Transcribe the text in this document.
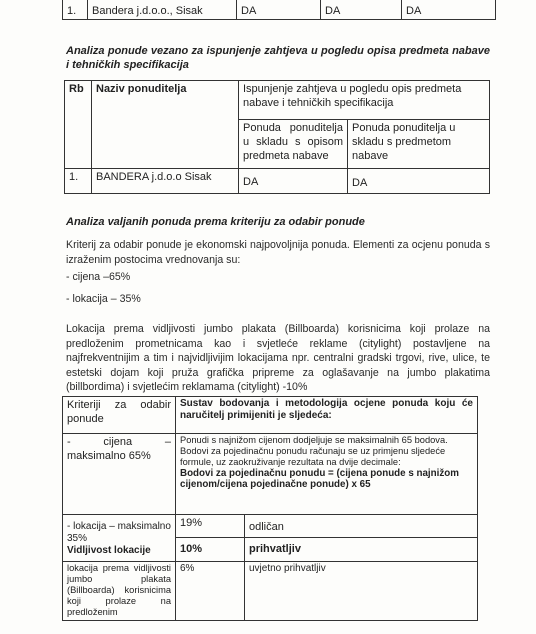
1.	Bandera j.d.o.o., Sisak	DA	DA	DA
Analiza ponude vezano za ispunjenje zahtjeva u pogledu opisa predmeta nabave i tehničkih specifikacija
Rb	Naziv ponuditelja	Ispunjenje zahtjeva u pogledu opis predmeta nabave i tehničkih specifikacija	
		Ponuda ponuditelja u skladu s opisom predmeta nabave	Ponuda ponuditelja u skladu s predmetom nabave
1.	BANDERA j.d.o.o Sisak	DA	DA
Analiza valjanih ponuda prema kriteriju za odabir ponude
Kriterij za odabir ponude je ekonomski najpovoljnija ponuda. Elementi za ocjenu ponuda s izraženim postocima vrednovanja su:
- cijena –65%
- lokacija – 35%
Lokacija prema vidljivosti jumbo plakata (Billboarda) korisnicima koji prolaze na predloženim prometnicama kao i svjetleće reklame (citylight) postavljene na najfrekventnijim a tim i najvidljivijim lokacijama npr. centralni gradski trgovi, rive, ulice, te estetski dojam koji pruža grafička pripreme za oglašavanje na jumbo plakatima (billbordima) i svjetlećim reklamama (citylight) -10%
Kriteriji za odabir ponude	Sustav bodovanja i metodologija ocjene ponuda koju će naručitelj primijeniti je sljedeća:	
- cijena – maksimalno 65%	Ponudi s najnižom cijenom dodjeljuje se maksimalnih 65 bodova. Bodovi za pojedinačnu ponudu računaju se uz primjenu sljedeće formule, uz zaokruživanje rezultata na dvije decimale:
Bodovi za pojedinačnu ponudu = (cijena ponude s najnižom cijenom/cijena pojedinačne ponude) x 65	
- lokacija – maksimalno 35%
Vidljivost lokacije	19%	odličan
	10%	prihvatljiv
lokacija prema vidljivosti jumbo plakata (Billboarda) korisnicima koji prolaze na predloženim	6%	uvjetno prihvatljiv
